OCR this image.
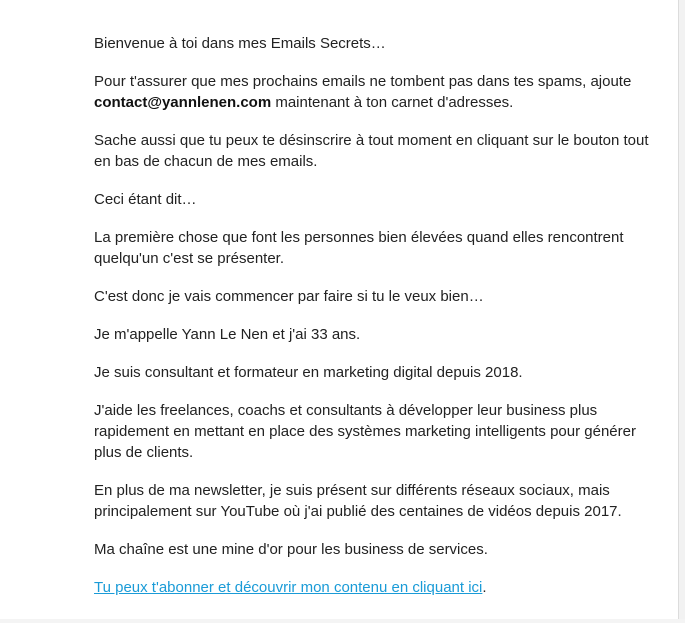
Bienvenue à toi dans mes Emails Secrets…

Pour t'assurer que mes prochains emails ne tombent pas dans tes spams, ajoute contact@yannlenen.com maintenant à ton carnet d'adresses.

Sache aussi que tu peux te désinscrire à tout moment en cliquant sur le bouton tout en bas de chacun de mes emails.

Ceci étant dit…

La première chose que font les personnes bien élevées quand elles rencontrent quelqu'un c'est se présenter.

C'est donc je vais commencer par faire si tu le veux bien…

Je m'appelle Yann Le Nen et j'ai 33 ans.

Je suis consultant et formateur en marketing digital depuis 2018.

J'aide les freelances, coachs et consultants à développer leur business plus rapidement en mettant en place des systèmes marketing intelligents pour générer plus de clients.

En plus de ma newsletter, je suis présent sur différents réseaux sociaux, mais principalement sur YouTube où j'ai publié des centaines de vidéos depuis 2017.

Ma chaîne est une mine d'or pour les business de services.

Tu peux t'abonner et découvrir mon contenu en cliquant ici.
